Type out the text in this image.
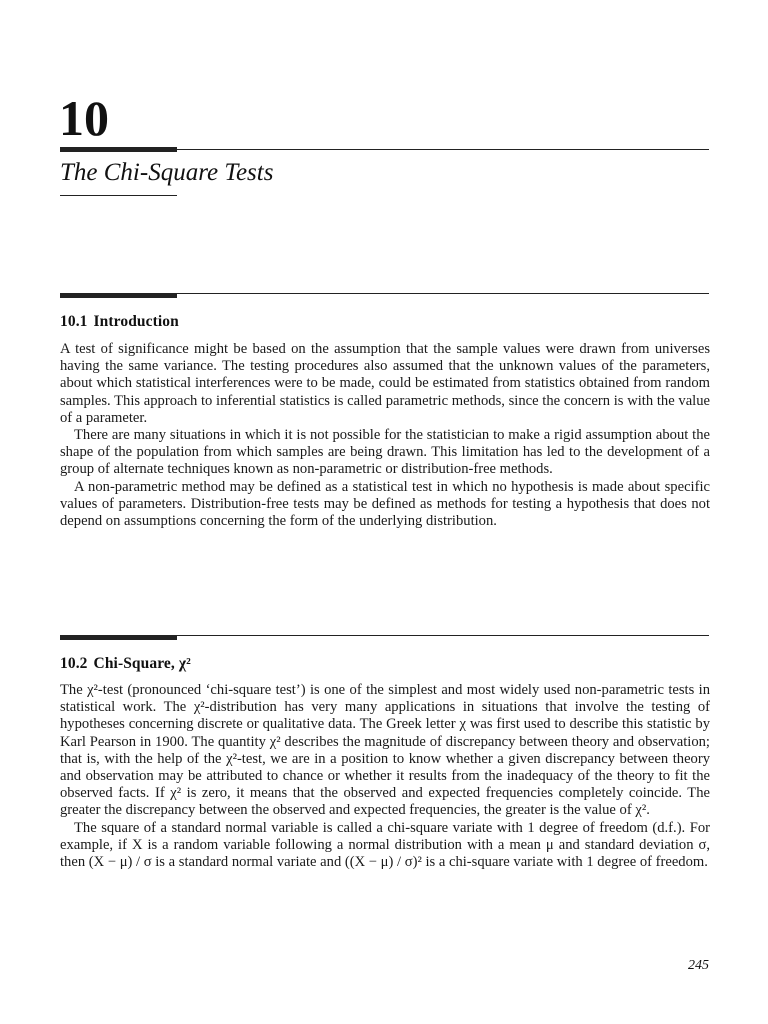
10
The Chi-Square Tests
10.1 Introduction

A test of significance might be based on the assumption that the sample values were drawn from universes having the same variance. The testing procedures also assumed that the unknown values of the parameters, about which statistical interferences were to be made, could be estimated from statistics obtained from random samples. This approach to inferential statistics is called parametric methods, since the concern is with the value of a parameter.

There are many situations in which it is not possible for the statistician to make a rigid assumption about the shape of the population from which samples are being drawn. This limitation has led to the development of a group of alternate techniques known as non-parametric or distribution-free methods.

A non-parametric method may be defined as a statistical test in which no hypothesis is made about specific values of parameters. Distribution-free tests may be defined as methods for testing a hypothesis that does not depend on assumptions concerning the form of the underlying distribution.

10.2 Chi-Square, χ²

The χ²-test (pronounced ‘chi-square test’) is one of the simplest and most widely used non-parametric tests in statistical work. The χ²-distribution has very many applications in situations that involve the testing of hypotheses concerning discrete or qualitative data. The Greek letter χ was first used to describe this statistic by Karl Pearson in 1900. The quantity χ² describes the magnitude of discrepancy between theory and observation; that is, with the help of the χ²-test, we are in a position to know whether a given discrepancy between theory and observation may be attributed to chance or whether it results from the inadequacy of the theory to fit the observed facts. If χ² is zero, it means that the observed and expected frequencies completely coincide. The greater the discrepancy between the observed and expected frequencies, the greater is the value of χ².

The square of a standard normal variable is called a chi-square variate with 1 degree of freedom (d.f.). For example, if X is a random variable following a normal distribution with a mean μ and standard deviation σ, then (X − μ) / σ is a standard normal variate and ((X − μ) / σ)² is a chi-square variate with 1 degree of freedom.

245
